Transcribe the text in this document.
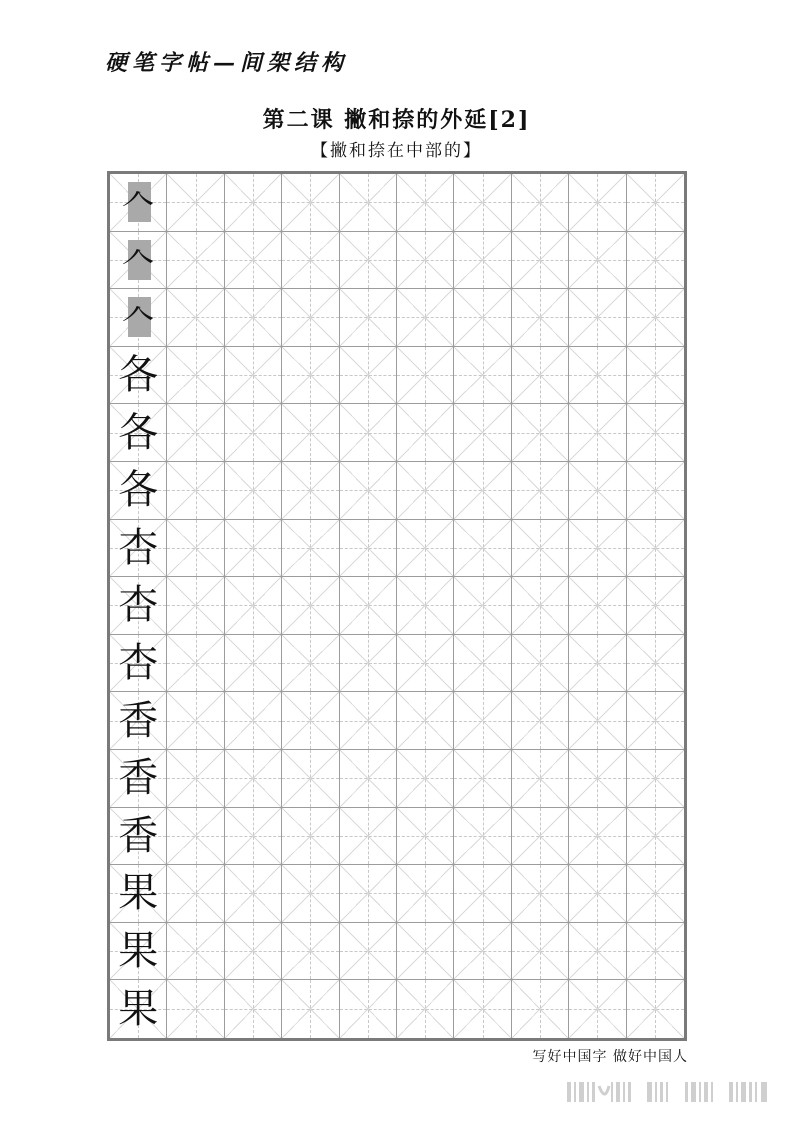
硬笔字帖—间架结构
第二课 撇和捺的外延[2]
【撇和捺在中部的】
𠆢
𠆢
𠆢
各
各
各
杏
杏
杏
香
香
香
果
果
果
写好中国字 做好中国人
